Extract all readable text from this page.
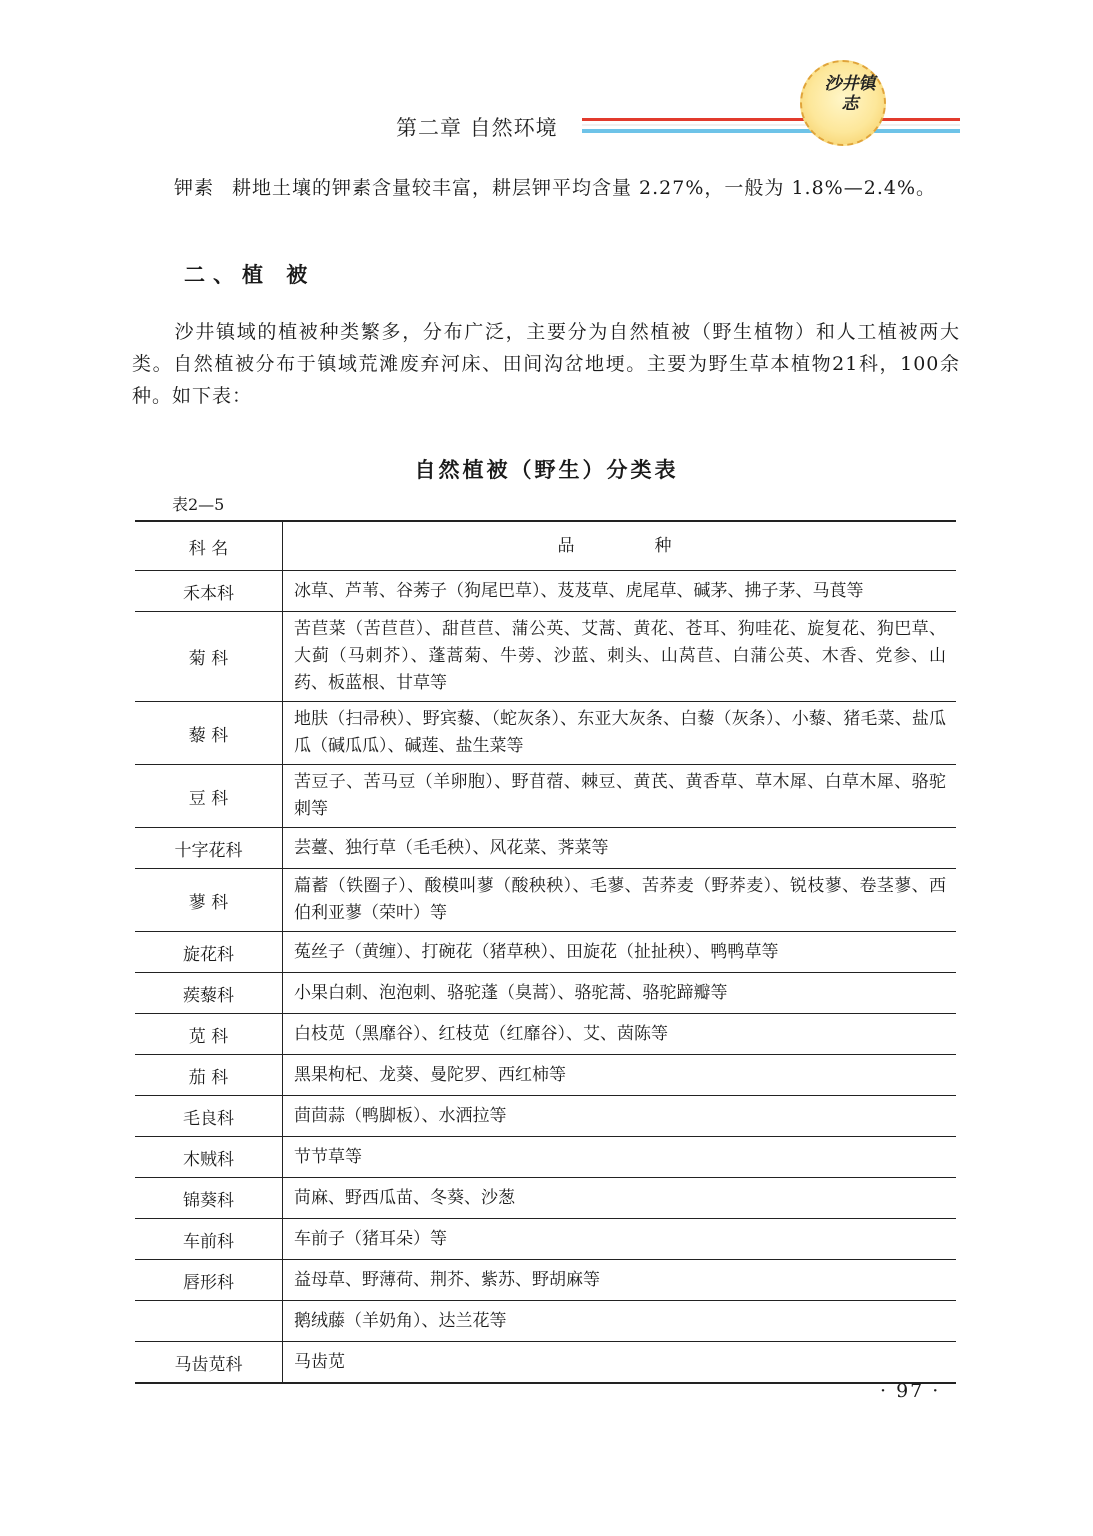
第二章 自然环境
沙井镇志
钾素 耕地土壤的钾素含量较丰富，耕层钾平均含量 2.27%，一般为 1.8%—2.4%。
二、植 被
沙井镇域的植被种类繁多，分布广泛，主要分为自然植被（野生植物）和人工植被两大类。自然植被分布于镇域荒滩废弃河床、田间沟岔地埂。主要为野生草本植物21科，100余种。如下表：
自然植被（野生）分类表
表2—5
科 名	品种
禾本科	冰草、芦苇、谷莠子（狗尾巴草）、芨芨草、虎尾草、碱茅、拂子茅、马莨等
菊 科	苦苣菜（苦苣苣）、甜苣苣、蒲公英、艾蒿、黄花、苍耳、狗哇花、旋复花、狗巴草、大蓟（马刺芥）、蓬蒿菊、牛蒡、沙蓝、刺头、山莴苣、白蒲公英、木香、党参、山药、板蓝根、甘草等
藜 科	地肤（扫帚秧）、野宾藜、（蛇灰条）、东亚大灰条、白藜（灰条）、小藜、猪毛菜、盐瓜瓜（碱瓜瓜）、碱莲、盐生菜等
豆 科	苦豆子、苦马豆（羊卵胞）、野苜蓿、棘豆、黄芪、黄香草、草木犀、白草木犀、骆驼刺等
十字花科	芸薹、独行草（毛毛秧）、风花菜、荠菜等
蓼 科	萹蓄（铁圈子）、酸模叫蓼（酸秧秧）、毛蓼、苦荞麦（野荞麦）、锐枝蓼、卷茎蓼、西伯利亚蓼（荣叶）等
旋花科	菟丝子（黄缠）、打碗花（猪草秧）、田旋花（扯扯秧）、鸭鸭草等
蒺藜科	小果白刺、泡泡刺、骆驼蓬（臭蒿）、骆驼蒿、骆驼蹄瓣等
苋 科	白枝苋（黑靡谷）、红枝苋（红靡谷）、艾、茵陈等
茄 科	黑果枸杞、龙葵、曼陀罗、西红柿等
毛良科	茴茴蒜（鸭脚板）、水洒拉等
木贼科	节节草等
锦葵科	苘麻、野西瓜苗、冬葵、沙葱
车前科	车前子（猪耳朵）等
唇形科	益母草、野薄荷、荆芥、紫苏、野胡麻等
	鹅绒藤（羊奶角）、达兰花等
马齿苋科	马齿苋
· 97 ·
